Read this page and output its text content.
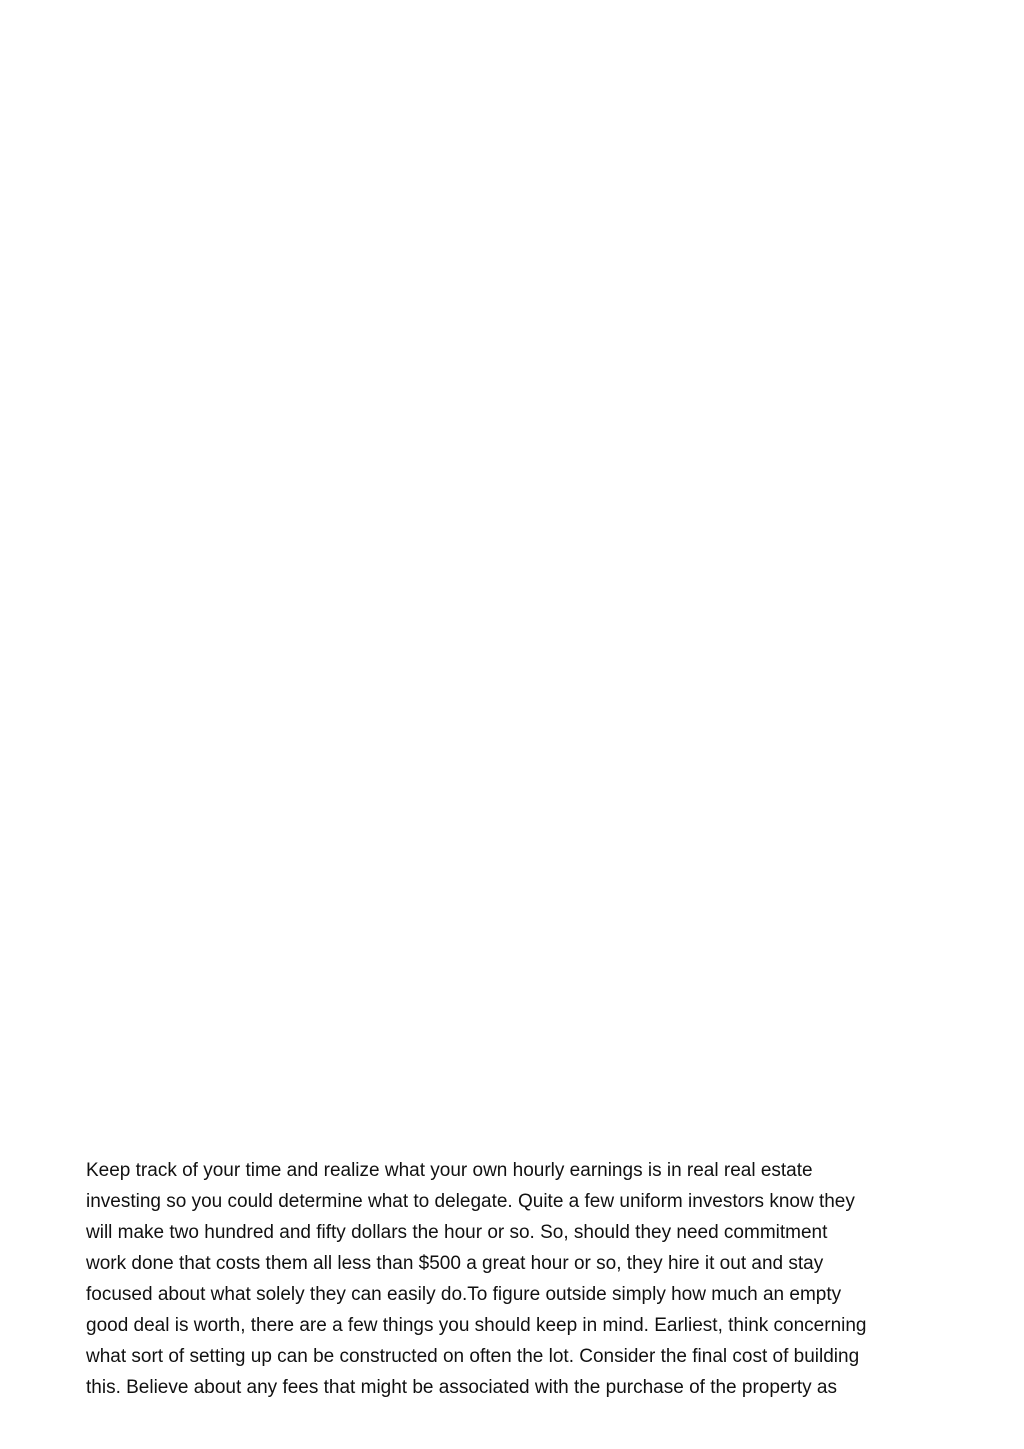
Keep track of your time and realize what your own hourly earnings is in real real estate
investing so you could determine what to delegate. Quite a few uniform investors know they
will make two hundred and fifty dollars the hour or so. So, should they need commitment
work done that costs them all less than $500 a great hour or so, they hire it out and stay
focused about what solely they can easily do.To figure outside simply how much an empty
good deal is worth, there are a few things you should keep in mind. Earliest, think concerning
what sort of setting up can be constructed on often the lot. Consider the final cost of building
this. Believe about any fees that might be associated with the purchase of the property as
